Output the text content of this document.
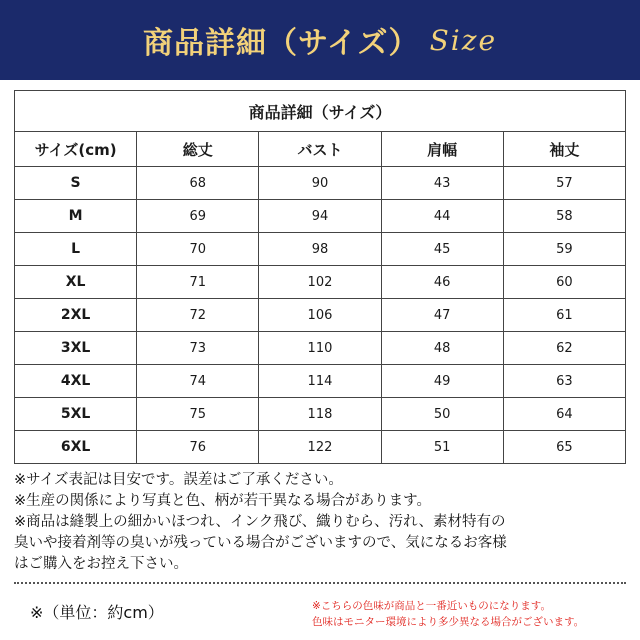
商品詳細（サイズ） Size
商品詳細（サイズ）				
サイズ(cm)	総丈	バスト	肩幅	袖丈
S	68	90	43	57
M	69	94	44	58
L	70	98	45	59
XL	71	102	46	60
2XL	72	106	47	61
3XL	73	110	48	62
4XL	74	114	49	63
5XL	75	118	50	64
6XL	76	122	51	65

※サイズ表記は目安です。誤差はご了承ください。

※生産の関係により写真と色、柄が若干異なる場合があります。

※商品は縫製上の細かいほつれ、インク飛び、織りむら、汚れ、素材特有の

臭いや接着剤等の臭いが残っている場合がございますので、気になるお客様

はご購入をお控え下さい。

※（単位：約cm）	※こちらの色味が商品と一番近いものになります。

色味はモニター環境により多少異なる場合がございます。
